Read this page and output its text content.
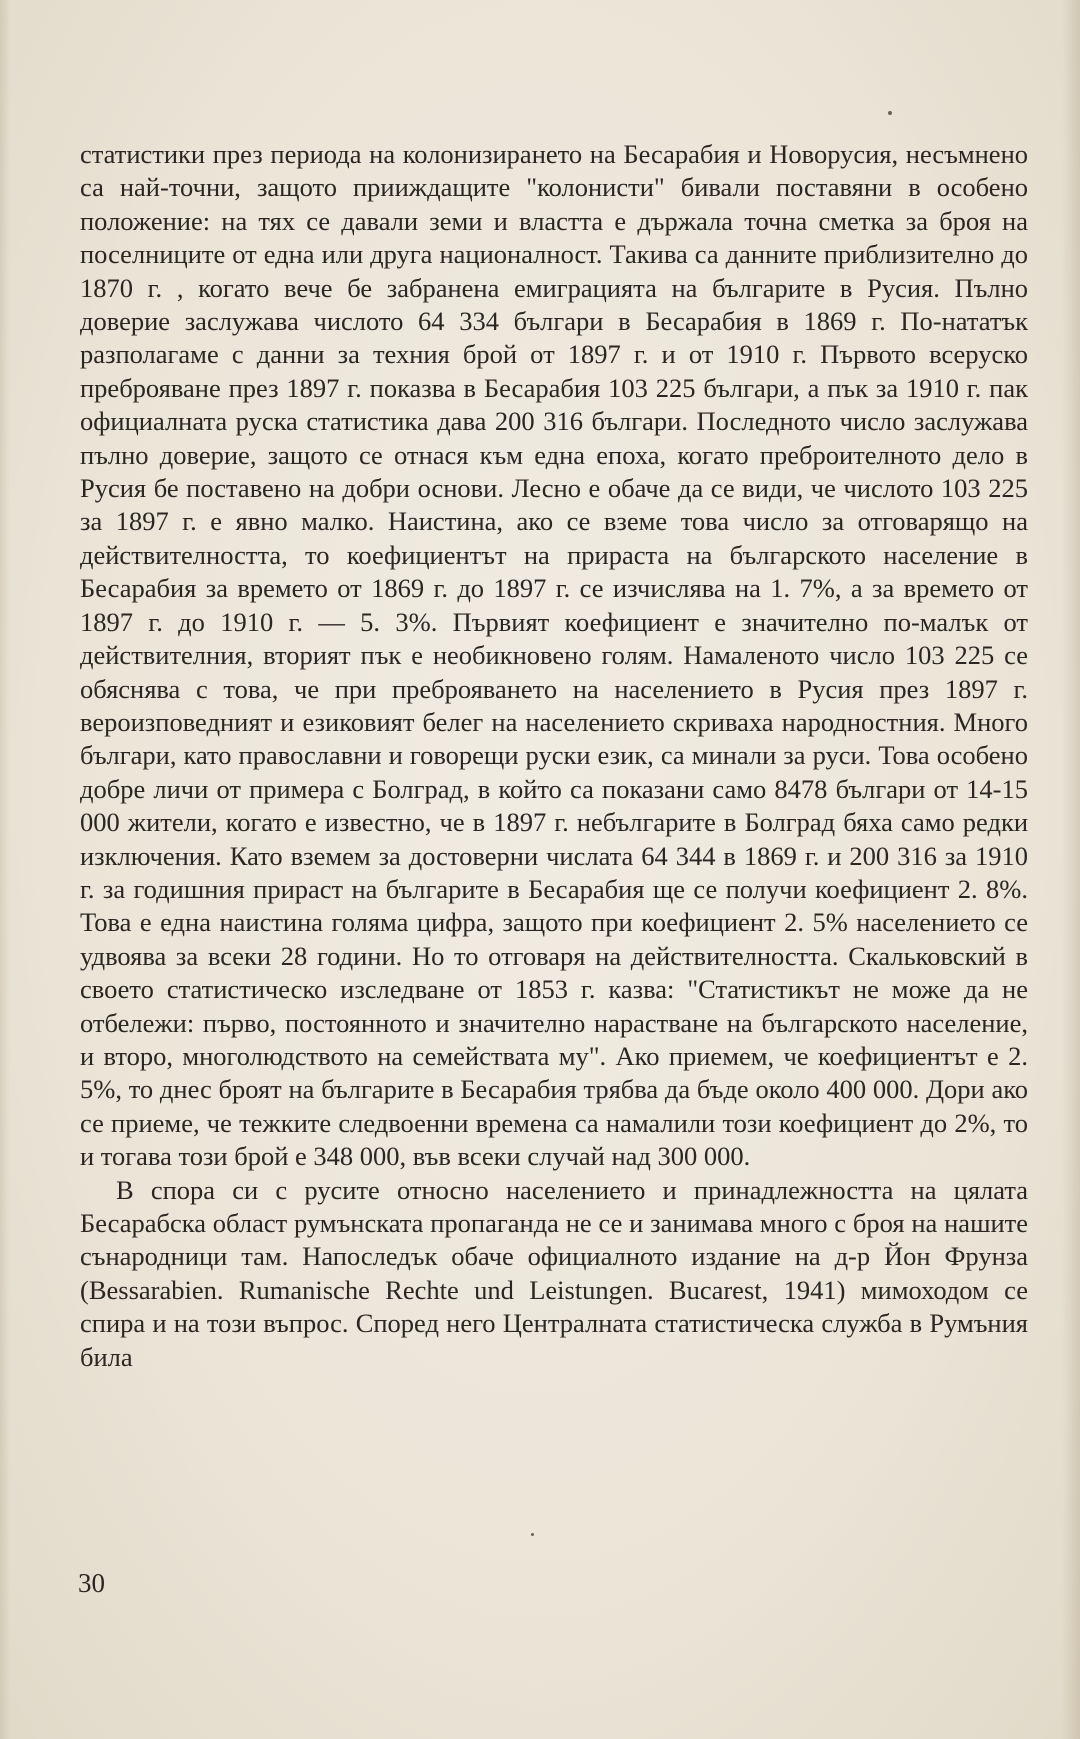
статистики през периода на колонизирането на Бесарабия и Новорусия, несъмнено са най-точни, защото прииждащите "колонисти" бивали поставяни в особено положение: на тях се давали земи и властта е държала точна сметка за броя на поселниците от една или друга националност. Такива са данните приблизително до 1870 г. , когато вече бе забранена емиграцията на българите в Русия. Пълно доверие заслужава числото 64 334 българи в Бесарабия в 1869 г. По-нататък разполагаме с данни за техния брой от 1897 г. и от 1910 г. Първото всеруско преброяване през 1897 г. показва в Бесарабия 103 225 българи, а пък за 1910 г. пак официалната руска статистика дава 200 316 българи. Последното число заслужава пълно доверие, защото се отнася към една епоха, когато преброителното дело в Русия бе поставено на добри основи. Лесно е обаче да се види, че числото 103 225 за 1897 г. е явно малко. Наистина, ако се вземе това число за отговарящо на действителността, то коефициентът на прираста на българското население в Бесарабия за времето от 1869 г. до 1897 г. се изчислява на 1. 7%, а за времето от 1897 г. до 1910 г. — 5. 3%. Първият коефициент е значително по-малък от действителния, вторият пък е необикновено голям. Намаленото число 103 225 се обяснява с това, че при преброяването на населението в Русия през 1897 г. вероизповедният и езиковият белег на населението скриваха народностния. Много българи, като православни и говорещи руски език, са минали за руси. Това особено добре личи от примера с Болград, в който са показани само 8478 българи от 14-15 000 жители, когато е известно, че в 1897 г. небългарите в Болград бяха само редки изключения. Като вземем за достоверни числата 64 344 в 1869 г. и 200 316 за 1910 г. за годишния прираст на българите в Бесарабия ще се получи коефициент 2. 8%. Това е една наистина голяма цифра, защото при коефициент 2. 5% населението се удвоява за всеки 28 години. Но то отговаря на действителността. Скальковский в своето статистическо изследване от 1853 г. казва: "Статистикът не може да не отбележи: първо, постоянното и значително нарастване на българското население, и второ, многолюдството на семействата му". Ако приемем, че коефициентът е 2. 5%, то днес броят на българите в Бесарабия трябва да бъде около 400 000. Дори ако се приеме, че тежките следвоенни времена са намалили този коефициент до 2%, то и тогава този брой е 348 000, във всеки случай над 300 000.

В спора си с русите относно населението и принадлежността на цялата Бесарабска област румънската пропаганда не се и занимава много с броя на нашите сънародници там. Напоследък обаче официалното издание на д-р Йон Фрунза (Bessarabien. Rumanische Rechte und Leistungen. Bucarest, 1941) мимоходом се спира и на този въпрос. Според него Централната статистическа служба в Румъния била

30
